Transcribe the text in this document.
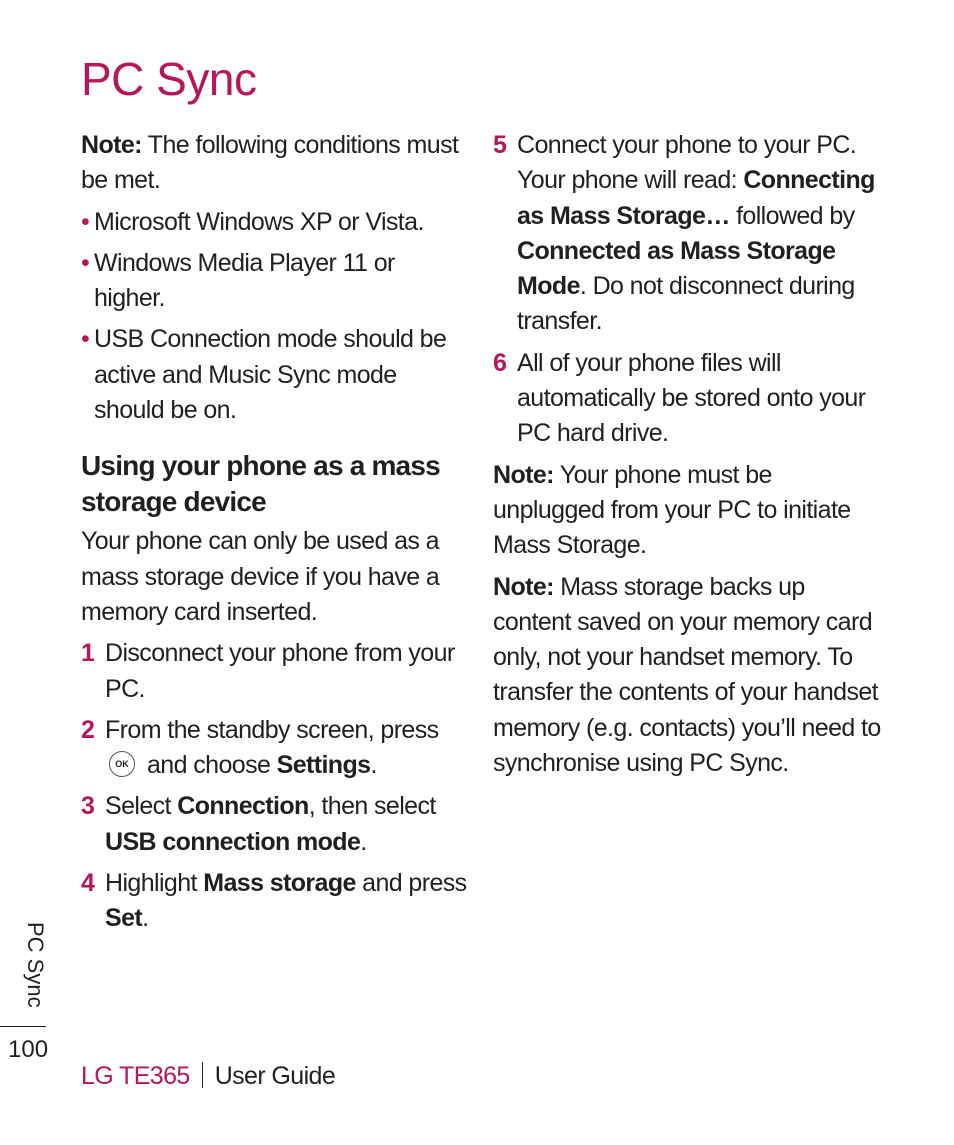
PC Sync

Note: The following conditions must be met.

• Microsoft Windows XP or Vista.
• Windows Media Player 11 or higher.
• USB Connection mode should be active and Music Sync mode should be on.
Using your phone as a mass storage device

Your phone can only be used as a mass storage device if you have a memory card inserted.

1 Disconnect your phone from your PC.
2 From the standby screen, press
OK and choose Settings.
3 Select Connection, then select USB connection mode.
4 Highlight Mass storage and press Set.
5 Connect your phone to your PC. Your phone will read: Connecting as Mass Storage… followed by Connected as Mass Storage Mode. Do not disconnect during transfer.
6 All of your phone files will automatically be stored onto your PC hard drive.

Note: Your phone must be unplugged from your PC to initiate Mass Storage.

Note: Mass storage backs up content saved on your memory card only, not your handset memory. To transfer the contents of your handset memory (e.g. contacts) you’ll need to synchronise using PC Sync.

PC Sync
100
LG TE365 User Guide
